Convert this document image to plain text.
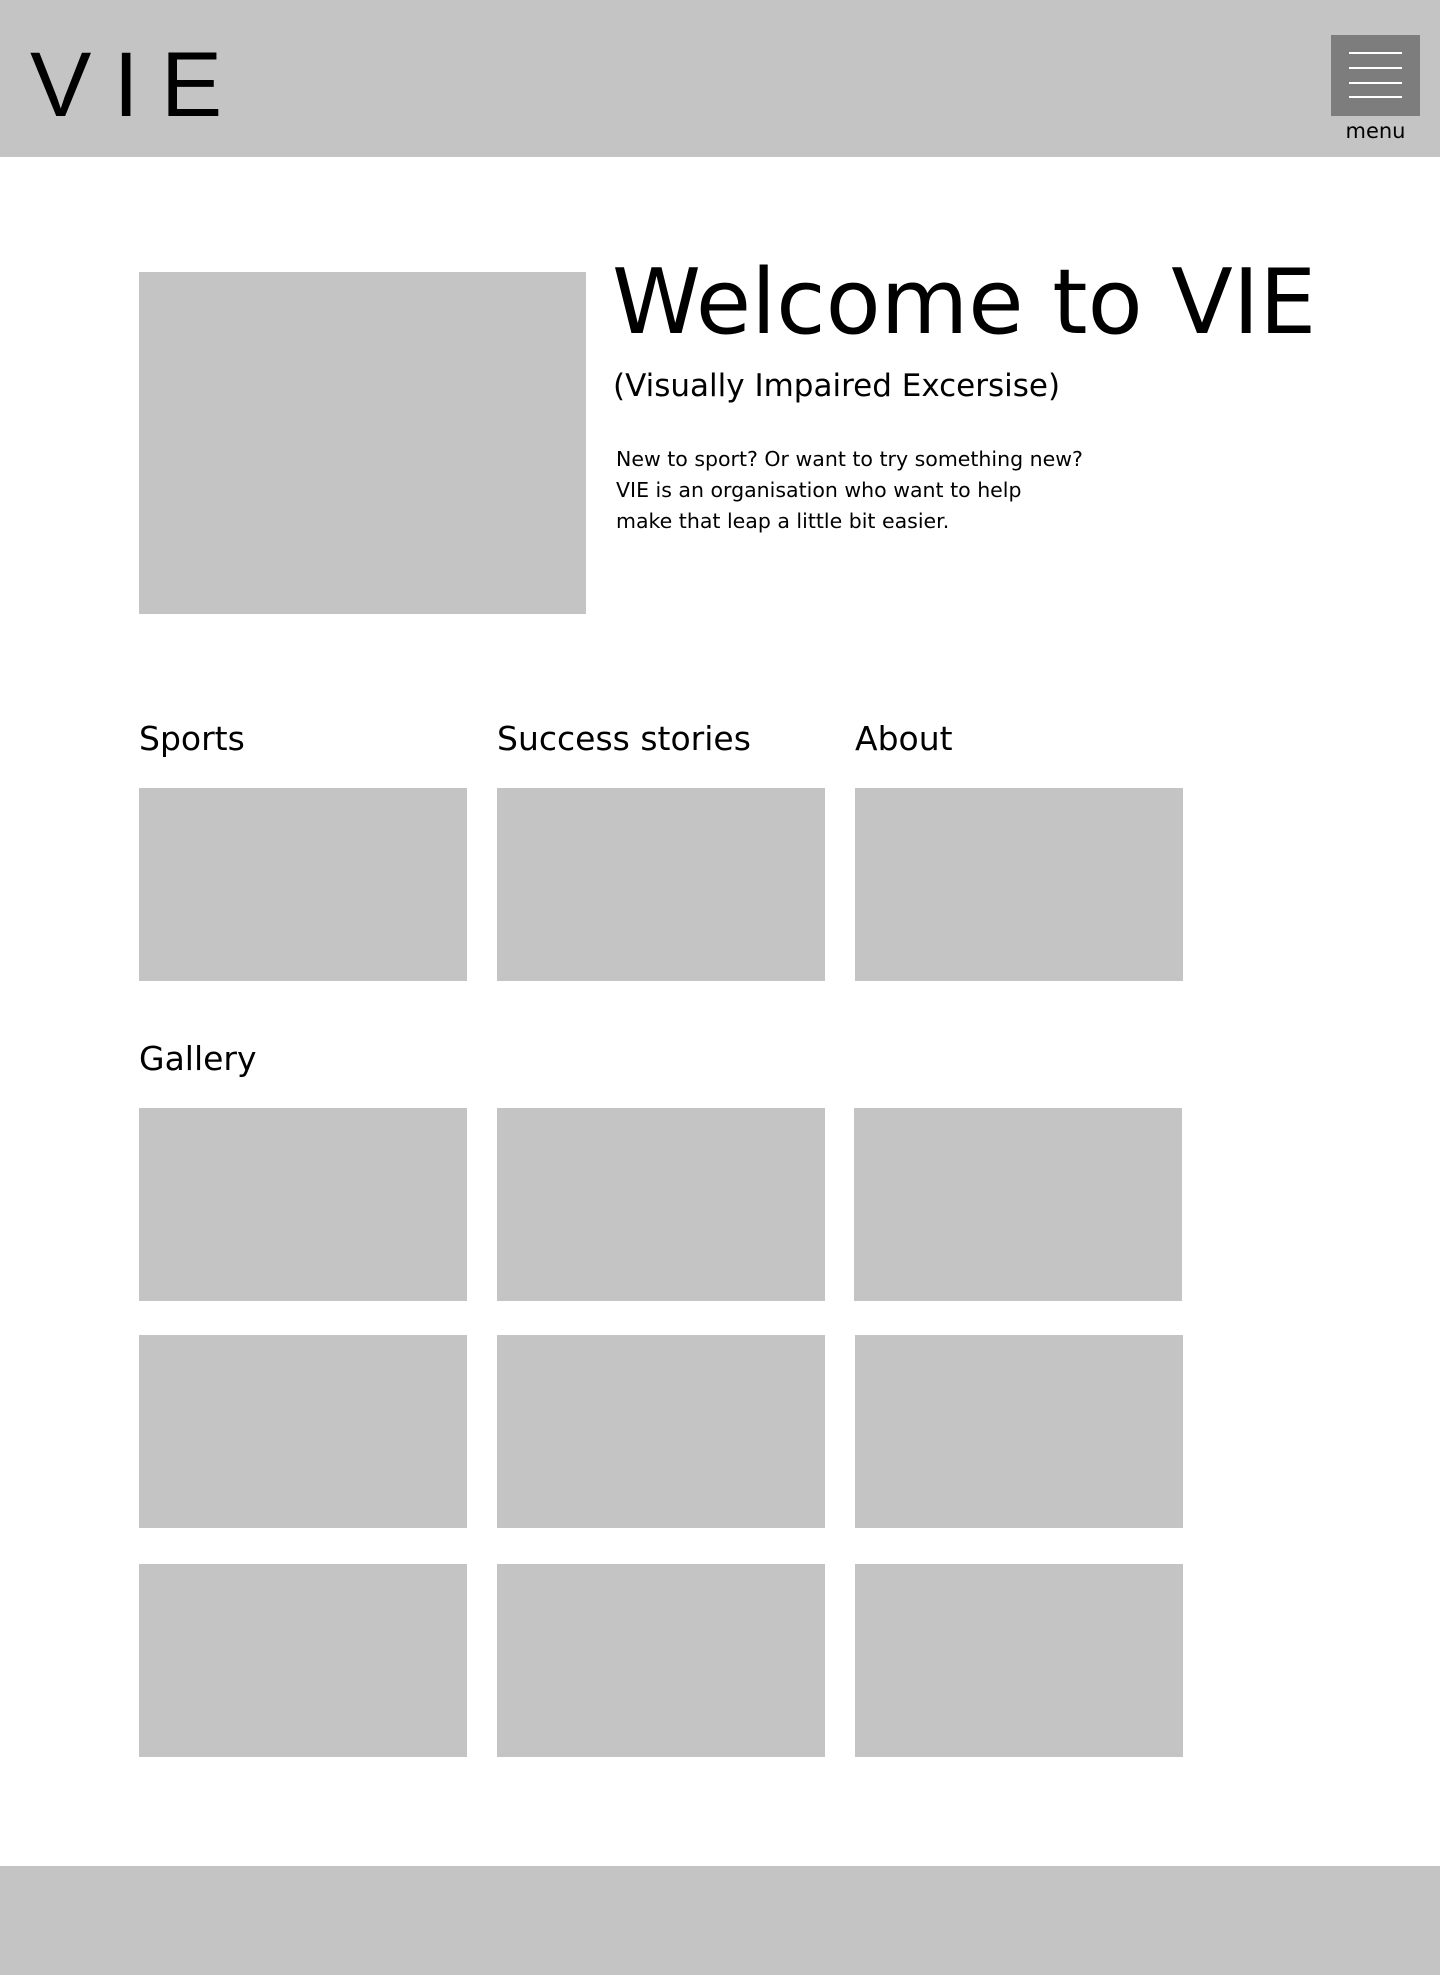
VIE	menu
Welcome to VIE
(Visually Impaired Excersise)

New to sport? Or want to try something new?
VIE is an organisation who want to help
make that leap a little bit easier.

Sports	Success stories	About
Gallery
